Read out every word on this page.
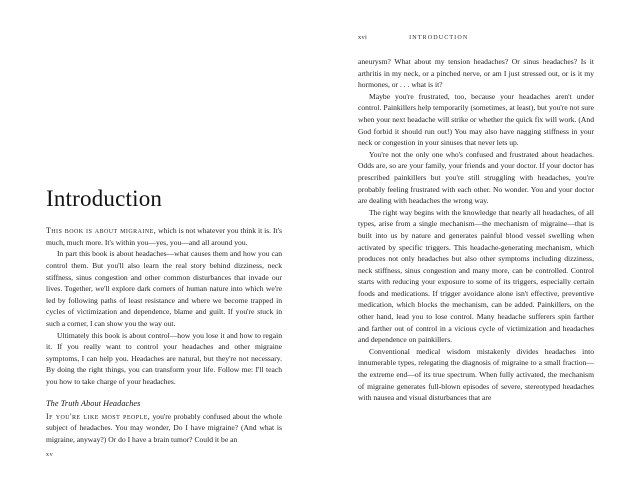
Introduction

This book is about migraine, which is not whatever you think it is. It's much, much more. It's within you—yes, you—and all around you.

In part this book is about headaches—what causes them and how you can control them. But you'll also learn the real story behind dizziness, neck stiffness, sinus congestion and other common disturbances that invade our lives. Together, we'll explore dark corners of human nature into which we're led by following paths of least resistance and where we become trapped in cycles of victimization and dependence, blame and guilt. If you're stuck in such a corner, I can show you the way out.

Ultimately this book is about control—how you lose it and how to regain it. If you really want to control your headaches and other migraine symptoms, I can help you. Headaches are natural, but they're not necessary. By doing the right things, you can transform your life. Follow me: I'll teach you how to take charge of your headaches.

The Truth About Headaches

If you're like most people, you're probably confused about the whole subject of headaches. You may wonder, Do I have migraine? (And what is migraine, anyway?) Or do I have a brain tumor? Could it be an

xv
xvi	INTRODUCTION

aneurysm? What about my tension headaches? Or sinus headaches? Is it arthritis in my neck, or a pinched nerve, or am I just stressed out, or is it my hormones, or . . . what is it?

Maybe you're frustrated, too, because your headaches aren't under control. Painkillers help temporarily (sometimes, at least), but you're not sure when your next headache will strike or whether the quick fix will work. (And God forbid it should run out!) You may also have nagging stiffness in your neck or congestion in your sinuses that never lets up.

You're not the only one who's confused and frustrated about headaches. Odds are, so are your family, your friends and your doctor. If your doctor has prescribed painkillers but you're still struggling with headaches, you're probably feeling frustrated with each other. No wonder. You and your doctor are dealing with headaches the wrong way.

The right way begins with the knowledge that nearly all headaches, of all types, arise from a single mechanism—the mechanism of migraine—that is built into us by nature and generates painful blood vessel swelling when activated by specific triggers. This headache-generating mechanism, which produces not only headaches but also other symptoms including dizziness, neck stiffness, sinus congestion and many more, can be controlled. Control starts with reducing your exposure to some of its triggers, especially certain foods and medications. If trigger avoidance alone isn't effective, preventive medication, which blocks the mechanism, can be added. Painkillers, on the other hand, lead you to lose control. Many headache sufferers spin farther and farther out of control in a vicious cycle of victimization and headaches and dependence on painkillers.

Conventional medical wisdom mistakenly divides headaches into innumerable types, relegating the diagnosis of migraine to a small fraction—the extreme end—of its true spectrum. When fully activated, the mechanism of migraine generates full-blown episodes of severe, stereotyped headaches with nausea and visual disturbances that are
